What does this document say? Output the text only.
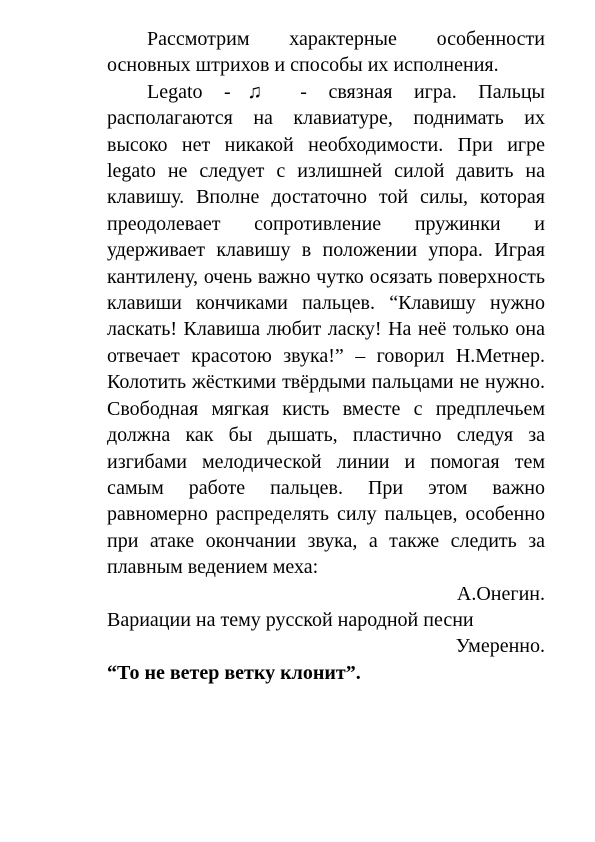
Рассмотрим характерные особенности основных штрихов и способы их исполнения.

Legato -♫ - связная игра. Пальцы располагаются на клавиатуре, поднимать их высоко нет никакой необходимости. При игре legato не следует с излишней силой давить на клавишу. Вполне достаточно той силы, которая преодолевает сопротивление пружинки и удерживает клавишу в положении упора. Играя кантилену, очень важно чутко осязать поверхность клавиши кончиками пальцев. “Клавишу нужно ласкать! Клавиша любит ласку! На неё только она отвечает красотою звука!” – говорил Н.Метнер. Колотить жёсткими твёрдыми пальцами не нужно. Свободная мягкая кисть вместе с предплечьем должна как бы дышать, пластично следуя за изгибами мелодической линии и помогая тем самым работе пальцев. При этом важно равномерно распределять силу пальцев, особенно при атаке окончании звука, а также следить за плавным ведением меха:

А.Онегин.

Вариации на тему русской народной песни

Умеренно.

“То не ветер ветку клонит”.
